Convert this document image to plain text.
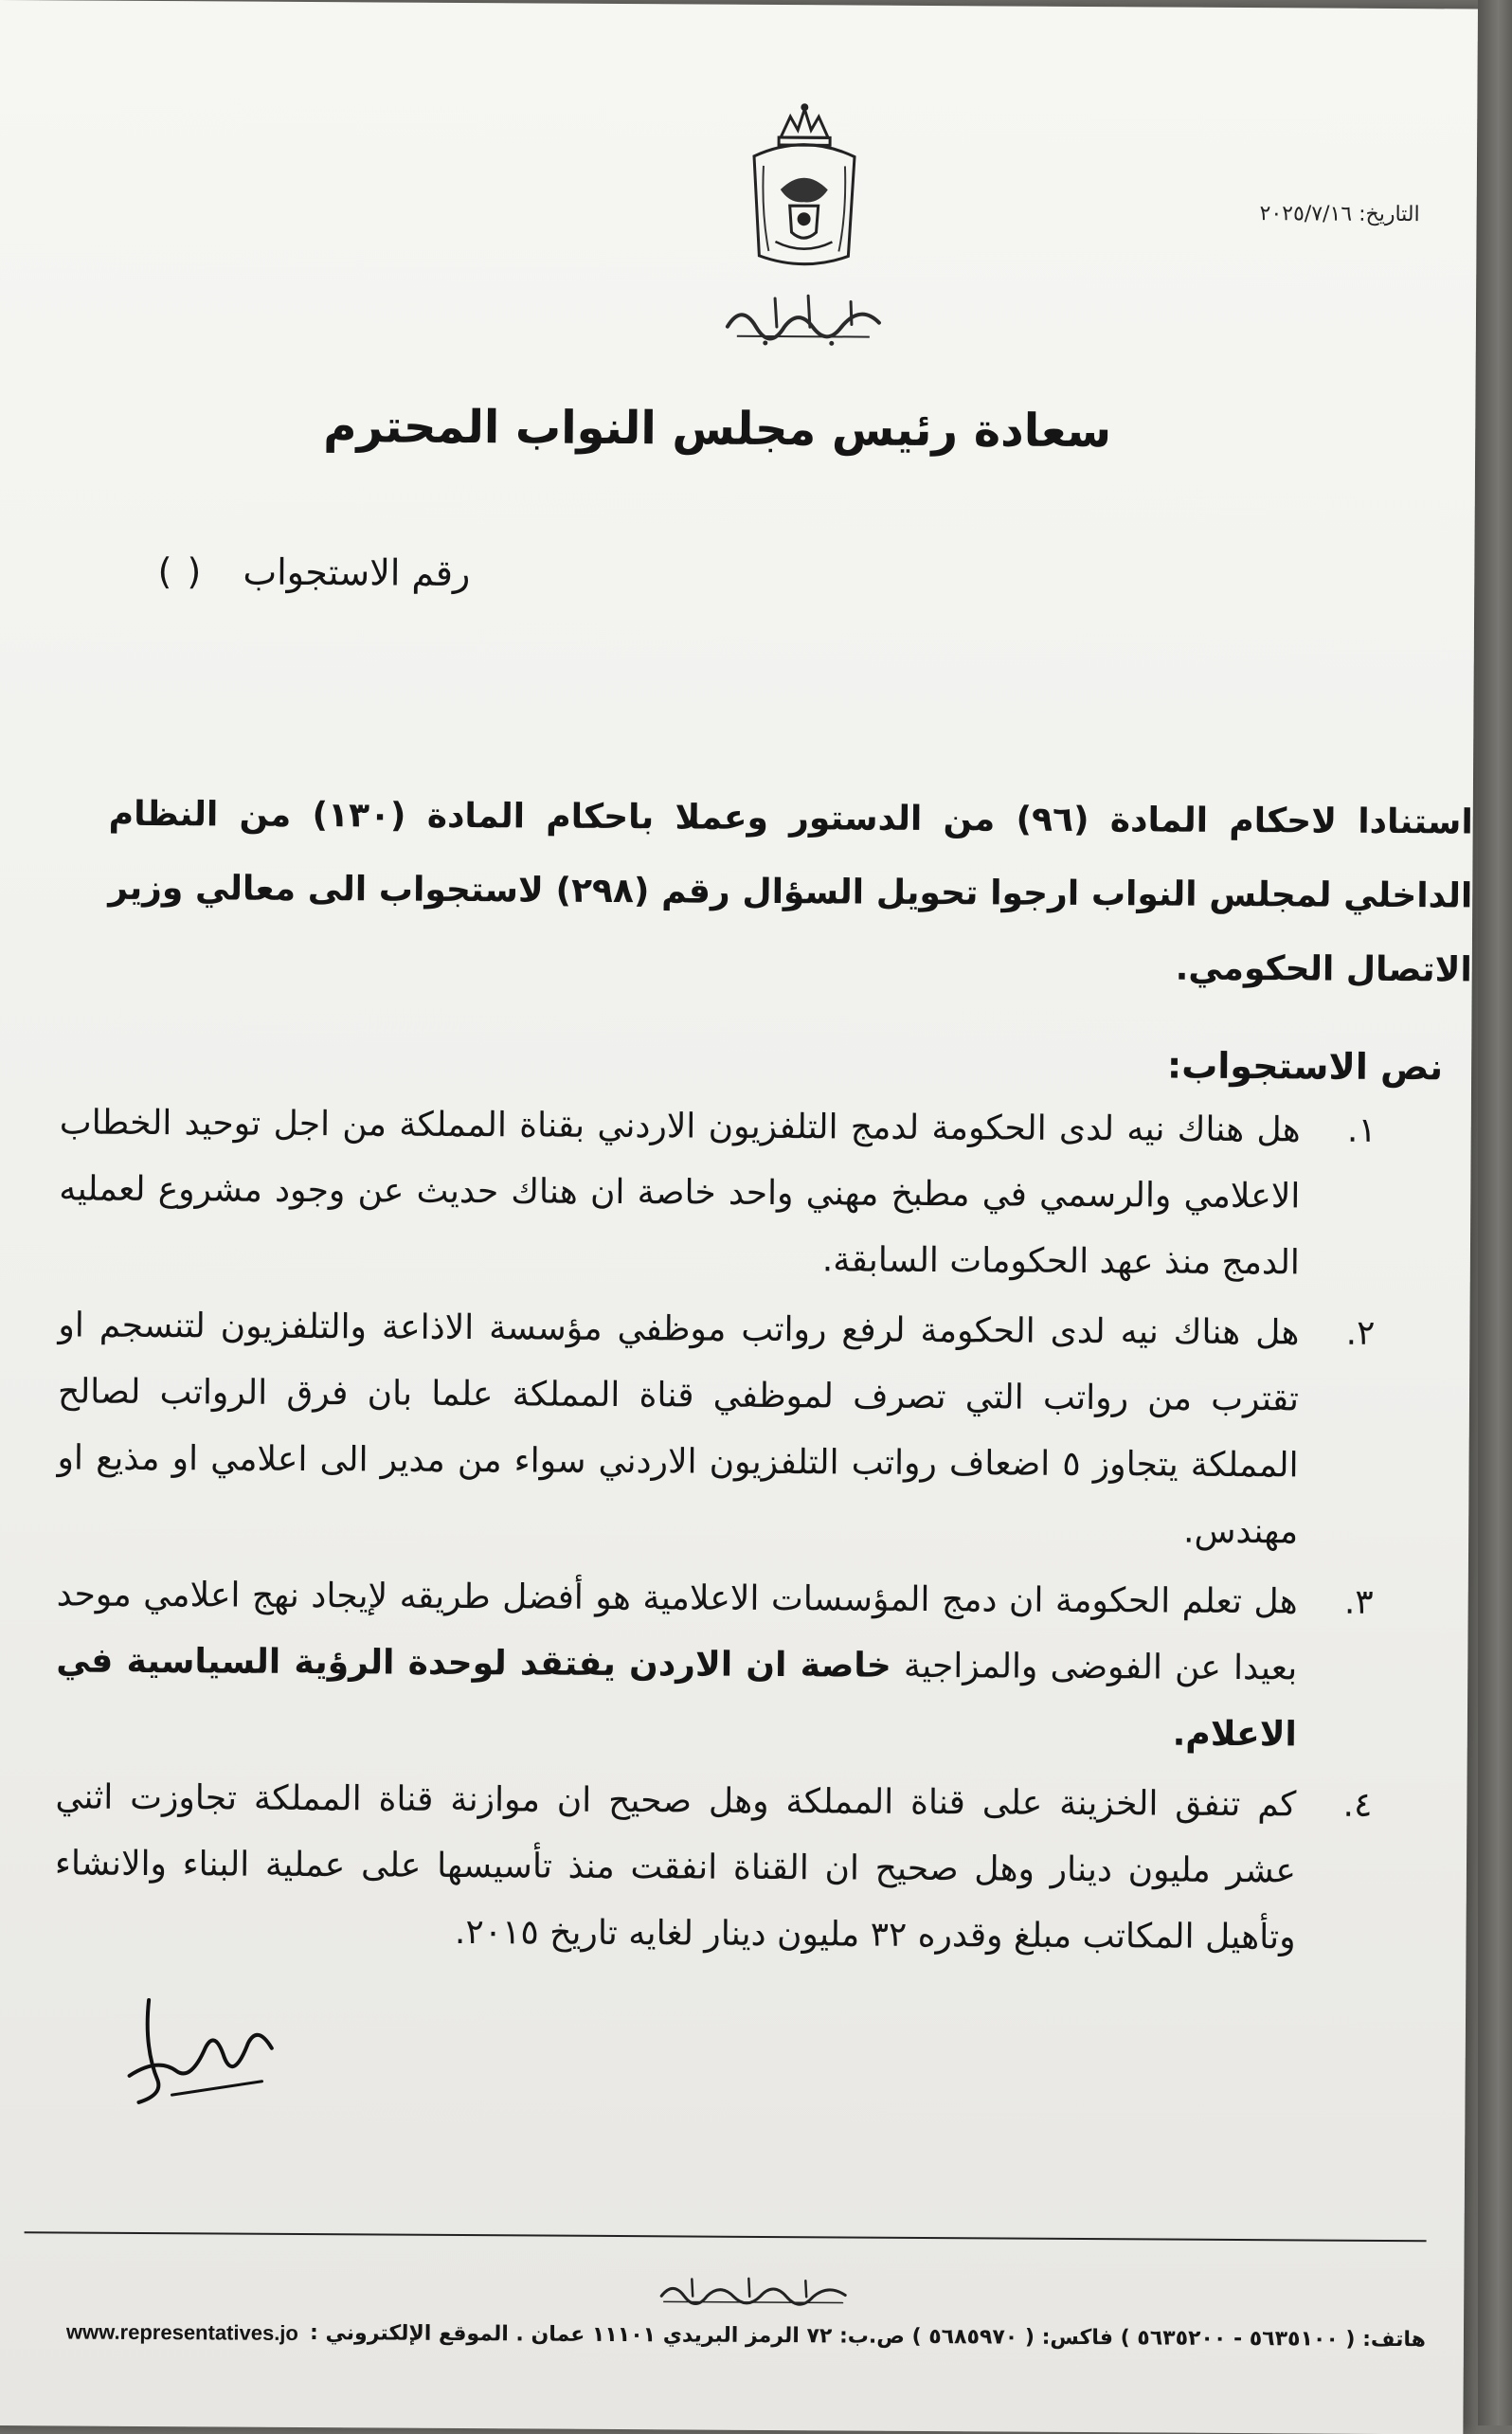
التاريخ: ٢٠٢٥/٧/١٦
سعادة رئيس مجلس النواب المحترم
رقم الاستجواب ( )
استنادا لاحكام المادة (٩٦) من الدستور وعملا باحكام المادة (١٣٠) من النظام الداخلي لمجلس النواب ارجوا تحويل السؤال رقم (٢٩٨) لاستجواب الى معالي وزير الاتصال الحكومي.
نص الاستجواب:
١.
هل هناك نيه لدى الحكومة لدمج التلفزيون الاردني بقناة المملكة من اجل توحيد الخطاب الاعلامي والرسمي في مطبخ مهني واحد خاصة ان هناك حديث عن وجود مشروع لعمليه الدمج منذ عهد الحكومات السابقة.
٢.
هل هناك نيه لدى الحكومة لرفع رواتب موظفي مؤسسة الاذاعة والتلفزيون لتنسجم او تقترب من رواتب التي تصرف لموظفي قناة المملكة علما بان فرق الرواتب لصالح المملكة يتجاوز ٥ اضعاف رواتب التلفزيون الاردني سواء من مدير الى اعلامي او مذيع او مهندس.
٣.
هل تعلم الحكومة ان دمج المؤسسات الاعلامية هو أفضل طريقه لإيجاد نهج اعلامي موحد بعيدا عن الفوضى والمزاجية خاصة ان الاردن يفتقد لوحدة الرؤية السياسية في الاعلام.
٤.
كم تنفق الخزينة على قناة المملكة وهل صحيح ان موازنة قناة المملكة تجاوزت اثني عشر مليون دينار وهل صحيح ان القناة انفقت منذ تأسيسها على عملية البناء والانشاء وتأهيل المكاتب مبلغ وقدره ٣٢ مليون دينار لغايه تاريخ ٢٠١٥.
هاتف: ( ٥٦٣٥١٠٠ - ٥٦٣٥٢٠٠ ) فاكس: ( ٥٦٨٥٩٧٠ ) ص.ب: ٧٢ الرمز البريدي ١١١٠١ عمان . الموقع الإلكتروني :
www.representatives.jo
